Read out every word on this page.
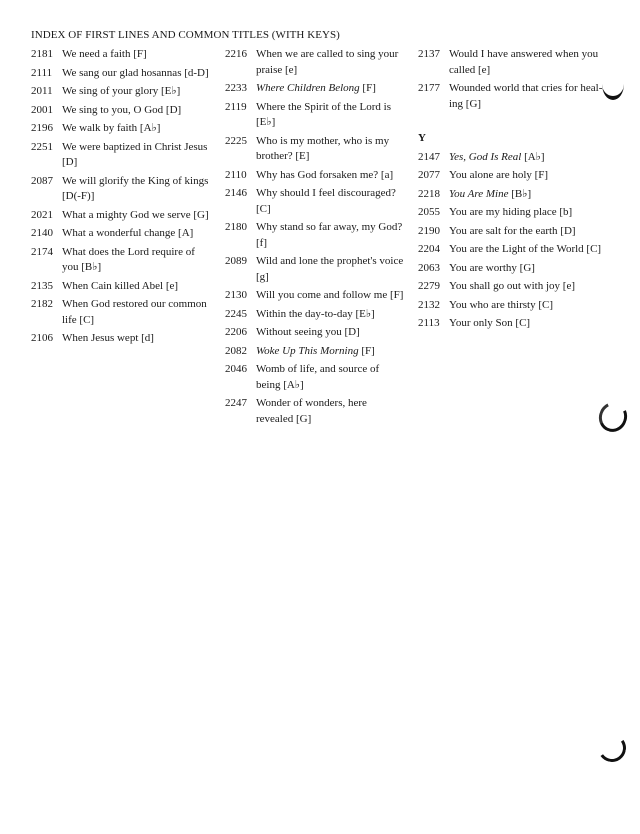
INDEX OF FIRST LINES AND COMMON TITLES (WITH KEYS)
2181 We need a faith [F]
2111 We sang our glad hosannas [d-D]
2011 We sing of your glory [E♭]
2001 We sing to you, O God [D]
2196 We walk by faith [A♭]
2251 We were baptized in Christ Jesus [D]
2087 We will glorify the King of kings [D(-F)]
2021 What a mighty God we serve [G]
2140 What a wonderful change [A]
2174 What does the Lord require of you [B♭]
2135 When Cain killed Abel [e]
2182 When God restored our common life [C]
2106 When Jesus wept [d]
2216 When we are called to sing your praise [e]
2233 Where Children Belong [F]
2119 Where the Spirit of the Lord is [E♭]
2225 Who is my mother, who is my brother? [E]
2110 Why has God forsaken me? [a]
2146 Why should I feel discouraged? [C]
2180 Why stand so far away, my God? [f]
2089 Wild and lone the prophet's voice [g]
2130 Will you come and follow me [F]
2245 Within the day-to-day [E♭]
2206 Without seeing you [D]
2082 Woke Up This Morning [F]
2046 Womb of life, and source of being [A♭]
2247 Wonder of wonders, here revealed [G]
2137 Would I have answered when you called [e]
2177 Wounded world that cries for heal-ing [G]
Y
2147 Yes, God Is Real [A♭]
2077 You alone are holy [F]
2218 You Are Mine [B♭]
2055 You are my hiding place [b]
2190 You are salt for the earth [D]
2204 You are the Light of the World [C]
2063 You are worthy [G]
2279 You shall go out with joy [e]
2132 You who are thirsty [C]
2113 Your only Son [C]
